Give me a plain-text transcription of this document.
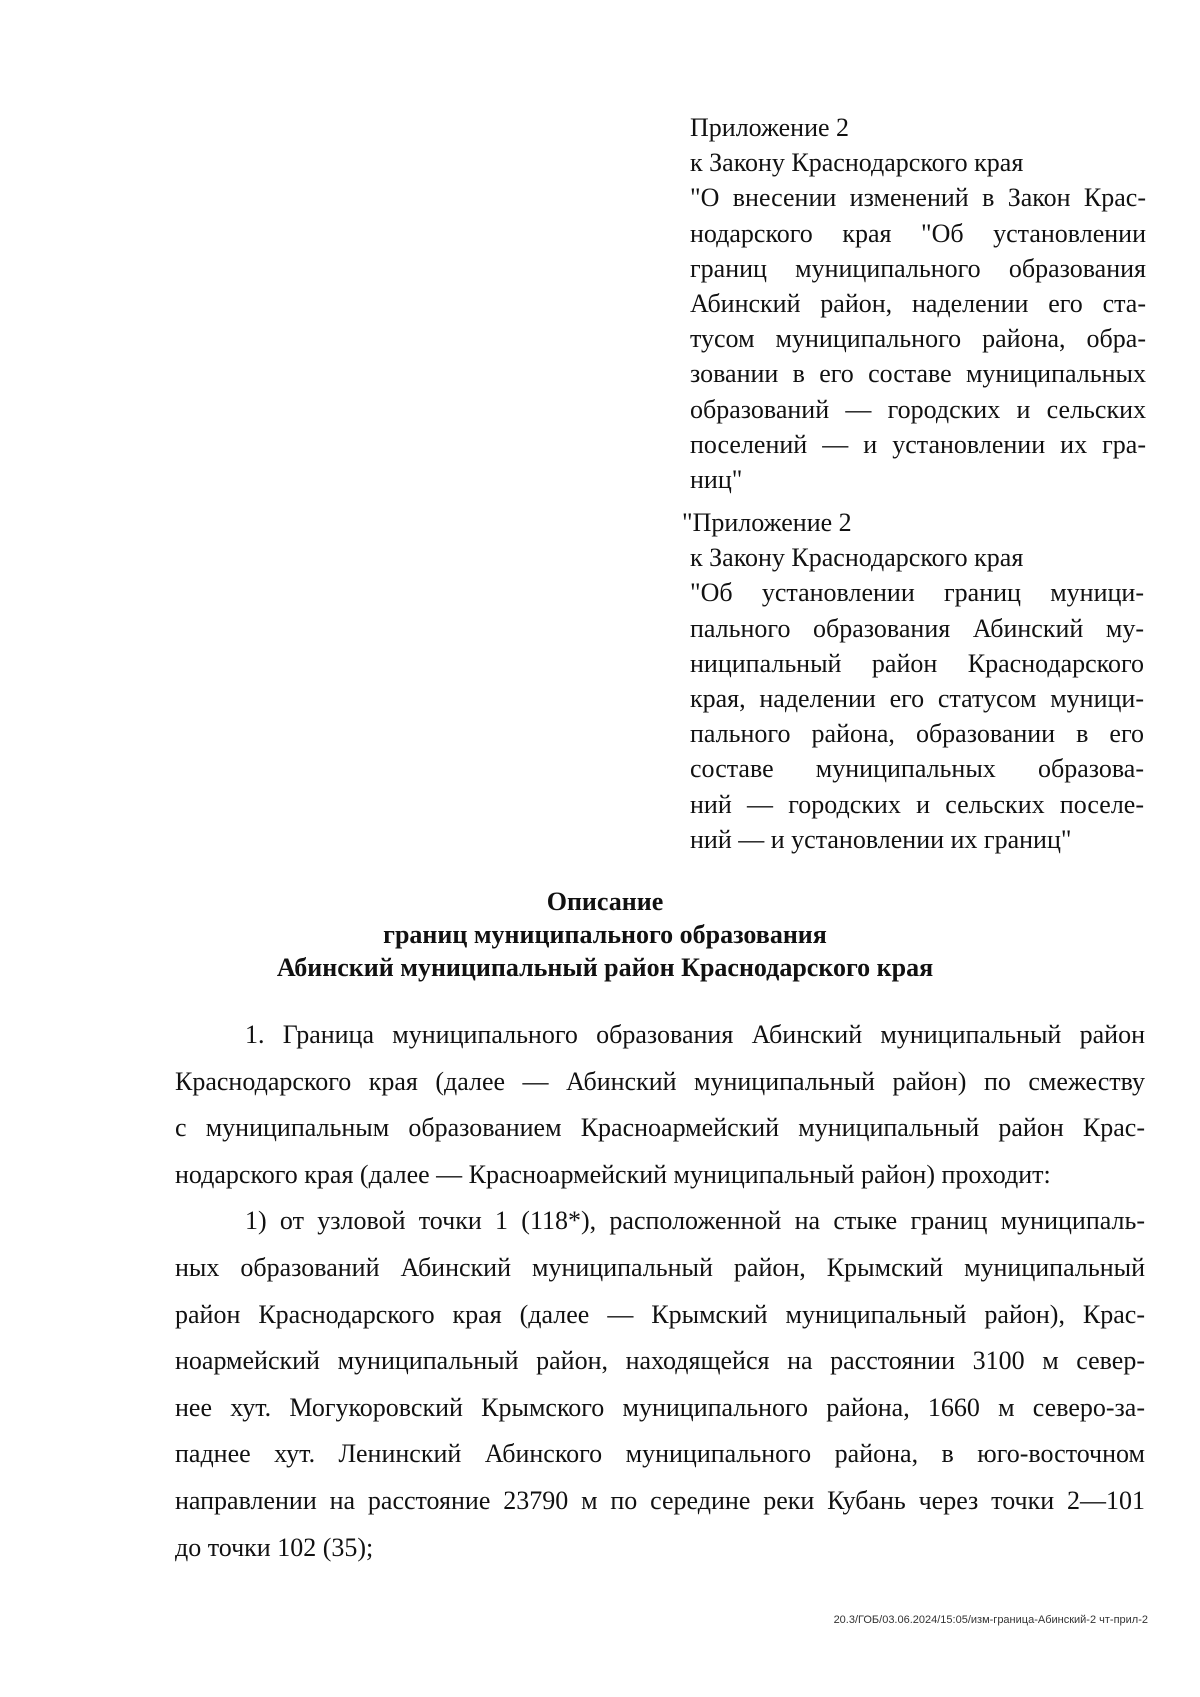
Приложение 2
к Закону Краснодарского края
"О внесении изменений в Закон Крас-
нодарского края "Об установлении
границ муниципального образования
Абинский район, наделении его ста-
тусом муниципального района, обра-
зовании в его составе муниципальных
образований — городских и сельских
поселений — и установлении их гра-
ниц"
"Приложение 2
к Закону Краснодарского края
"Об установлении границ муници-
пального образования Абинский му-
ниципальный район Краснодарского
края, наделении его статусом муници-
пального района, образовании в его
составе муниципальных образова-
ний — городских и сельских поселе-
ний — и установлении их границ"
Описание
границ муниципального образования
Абинский муниципальный район Краснодарского края
1. Граница муниципального образования Абинский муниципальный район
Краснодарского края (далее — Абинский муниципальный район) по смежеству
с муниципальным образованием Красноармейский муниципальный район Крас-
нодарского края (далее — Красноармейский муниципальный район) проходит:
1) от узловой точки 1 (118*), расположенной на стыке границ муниципаль-
ных образований Абинский муниципальный район, Крымский муниципальный
район Краснодарского края (далее — Крымский муниципальный район), Крас-
ноармейский муниципальный район, находящейся на расстоянии 3100 м север-
нее хут. Могукоровский Крымского муниципального района, 1660 м северо-за-
паднее хут. Ленинский Абинского муниципального района, в юго-восточном
направлении на расстояние 23790 м по середине реки Кубань через точки 2—101
до точки 102 (35);
20.3/ГОБ/03.06.2024/15:05/изм-граница-Абинский-2 чт-прил-2
